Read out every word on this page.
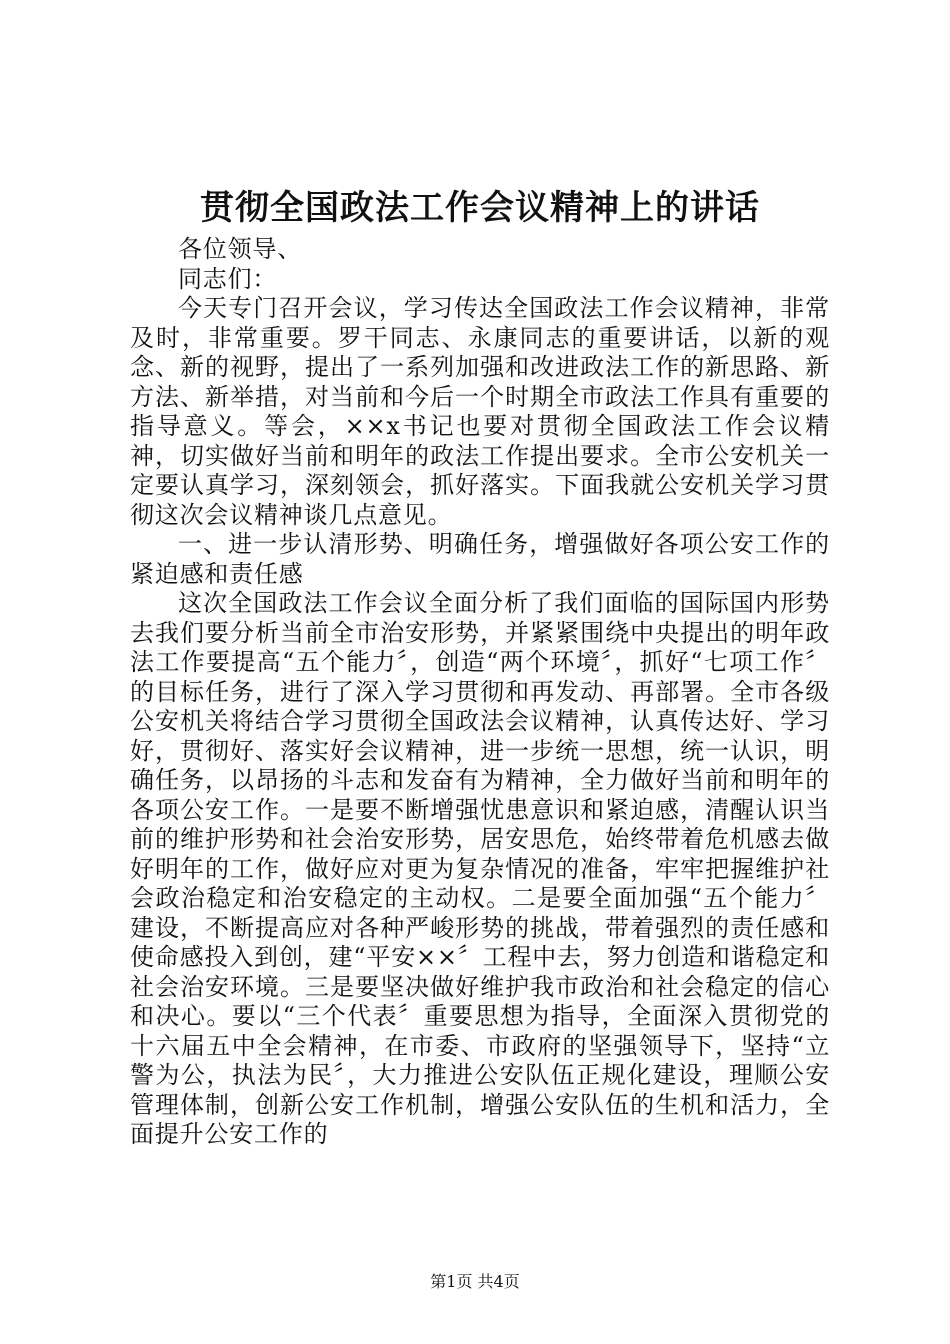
贯彻全国政法工作会议精神上的讲话

各位领导、

同志们：

今天专门召开会议，学习传达全国政法工作会议精神，非常及时，非常重要。罗干同志、永康同志的重要讲话，以新的观念、新的视野，提出了一系列加强和改进政法工作的新思路、新方法、新举措，对当前和今后一个时期全市政法工作具有重要的指导意义。等会，××x书记也要对贯彻全国政法工作会议精神，切实做好当前和明年的政法工作提出要求。全市公安机关一定要认真学习，深刻领会，抓好落实。下面我就公安机关学习贯彻这次会议精神谈几点意见。

一、进一步认清形势、明确任务，增强做好各项公安工作的紧迫感和责任感

这次全国政法工作会议全面分析了我们面临的国际国内形势去我们要分析当前全市治安形势，并紧紧围绕中央提出的明年政法工作要提高“五个能力〞，创造“两个环境〞，抓好“七项工作〞的目标任务，进行了深入学习贯彻和再发动、再部署。全市各级公安机关将结合学习贯彻全国政法会议精神，认真传达好、学习好，贯彻好、落实好会议精神，进一步统一思想，统一认识，明确任务，以昂扬的斗志和发奋有为精神，全力做好当前和明年的各项公安工作。一是要不断增强忧患意识和紧迫感，清醒认识当前的维护形势和社会治安形势，居安思危，始终带着危机感去做好明年的工作，做好应对更为复杂情况的准备，牢牢把握维护社会政治稳定和治安稳定的主动权。二是要全面加强“五个能力〞建设，不断提高应对各种严峻形势的挑战，带着强烈的责任感和使命感投入到创，建“平安××〞工程中去，努力创造和谐稳定和社会治安环境。三是要坚决做好维护我市政治和社会稳定的信心和决心。要以“三个代表〞重要思想为指导，全面深入贯彻党的十六届五中全会精神，在市委、市政府的坚强领导下，坚持“立警为公，执法为民〞，大力推进公安队伍正规化建设，理顺公安管理体制，创新公安工作机制，增强公安队伍的生机和活力，全面提升公安工作的

第1页 共4页
